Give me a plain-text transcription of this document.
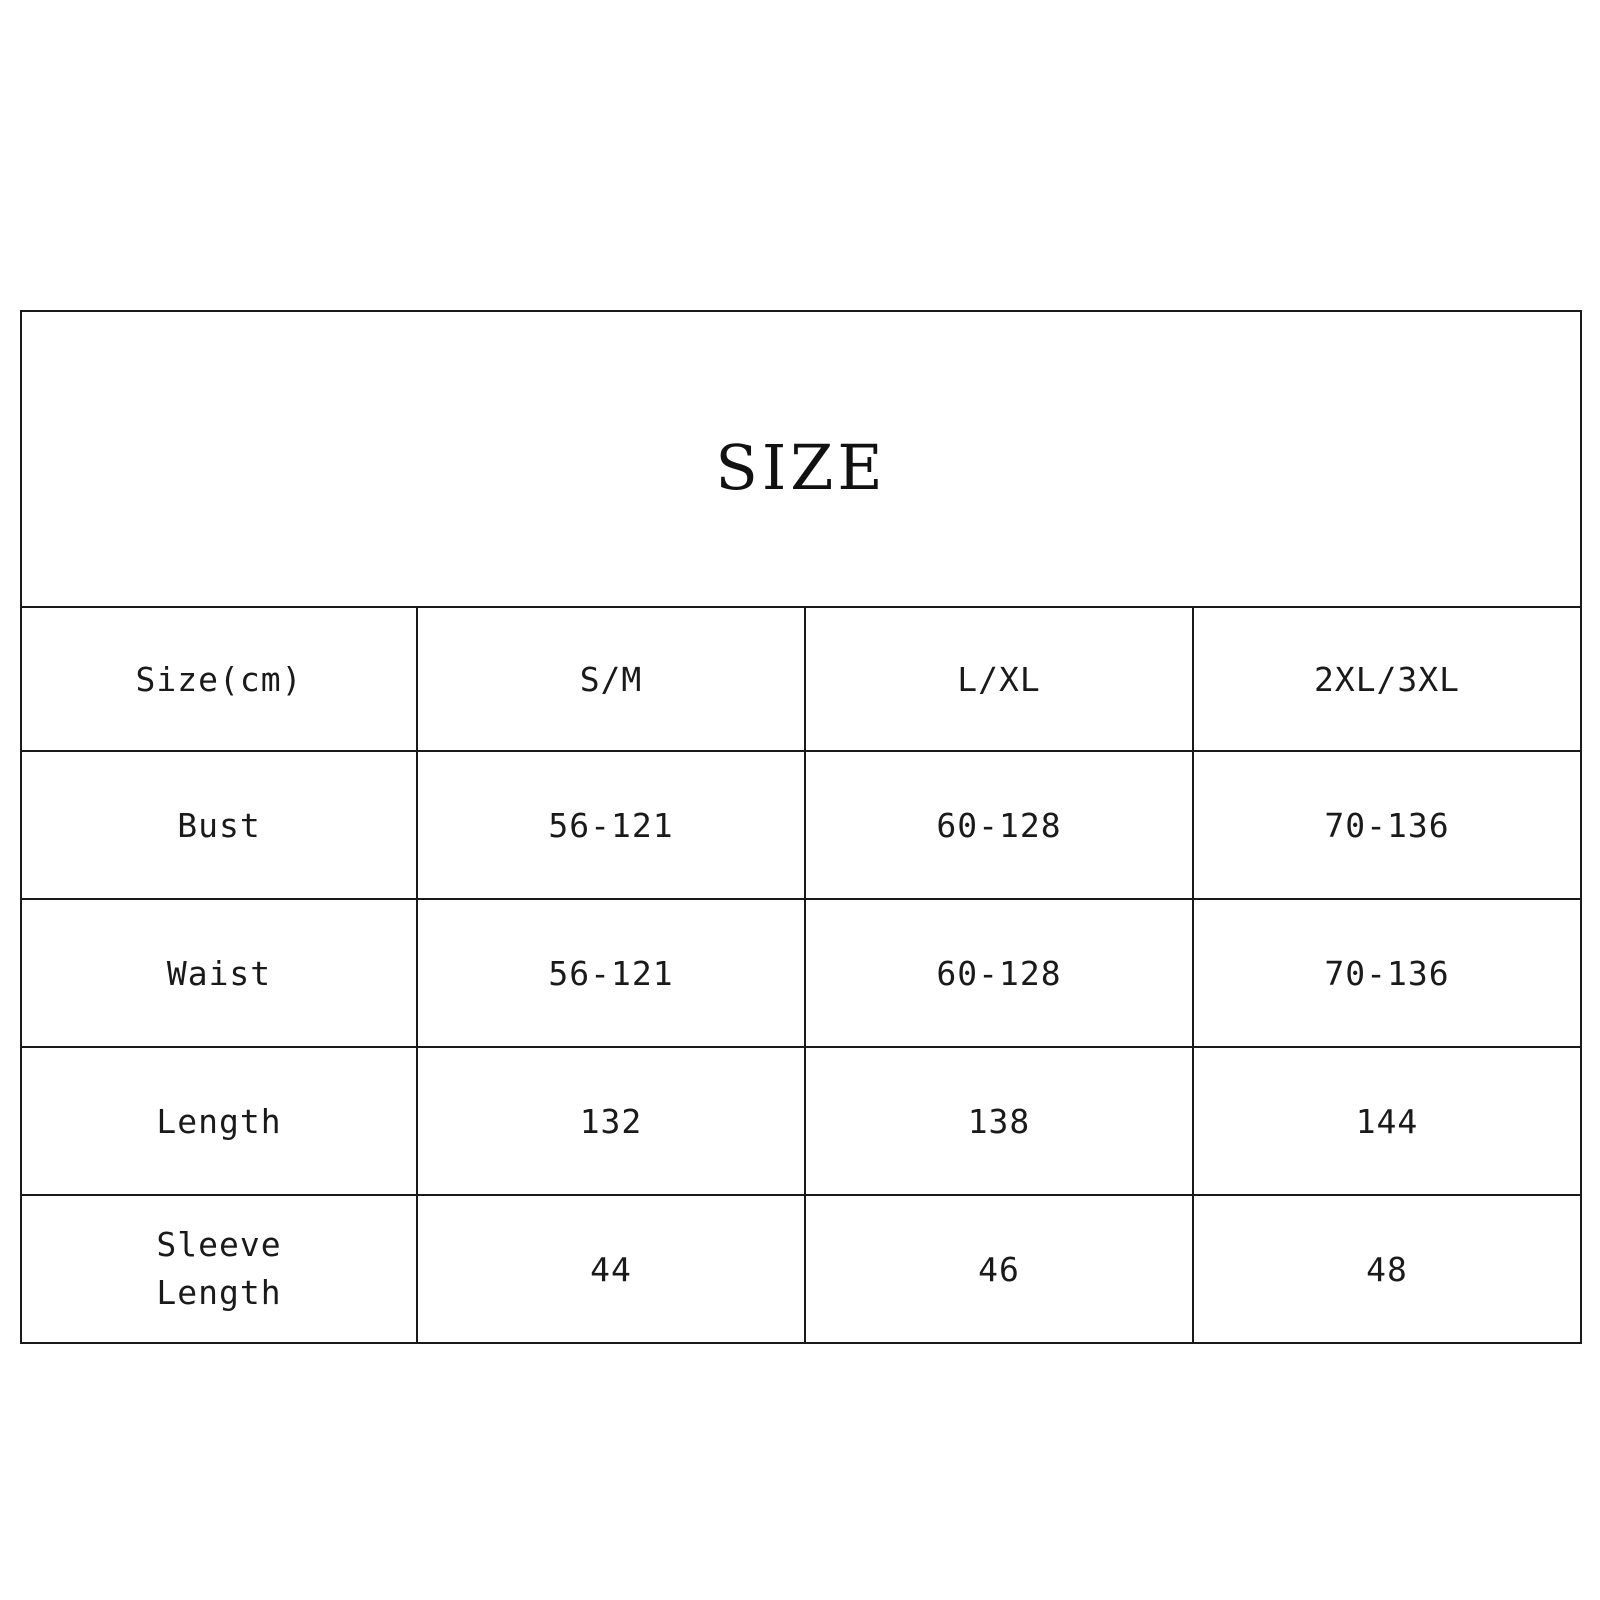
SIZE			

Size(cm)	S/M	L/XL	2XL/3XL
Bust	56-121	60-128	70-136
Waist	56-121	60-128	70-136
Length	132	138	144

Sleeve
Length	44	46	48
